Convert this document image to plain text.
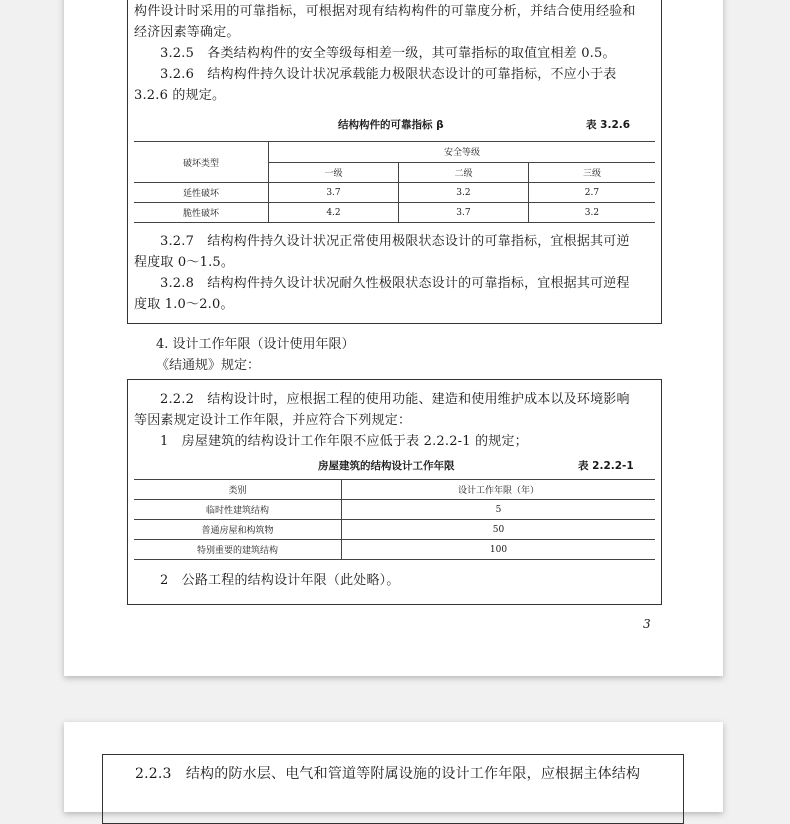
构件设计时采用的可靠指标，可根据对现有结构构件的可靠度分析，并结合使用经验和

经济因素等确定。

3.2.5　各类结构构件的安全等级每相差一级，其可靠指标的取值宜相差 0.5。

3.2.6　结构构件持久设计状况承载能力极限状态设计的可靠指标，不应小于表

3.2.6 的规定。

结构构件的可靠指标 β	表 3.2.6
破坏类型	安全等级		
	一级	二级	三级
延性破坏	3.7	3.2	2.7
脆性破坏	4.2	3.7	3.2

3.2.7　结构构件持久设计状况正常使用极限状态设计的可靠指标，宜根据其可逆

程度取 0～1.5。

3.2.8　结构构件持久设计状况耐久性极限状态设计的可靠指标，宜根据其可逆程

度取 1.0～2.0。

4. 设计工作年限（设计使用年限）
《结通规》规定：

2.2.2　结构设计时，应根据工程的使用功能、建造和使用维护成本以及环境影响

等因素规定设计工作年限，并应符合下列规定：

1　房屋建筑的结构设计工作年限不应低于表 2.2.2-1 的规定；

房屋建筑的结构设计工作年限	表 2.2.2-1
类别	设计工作年限（年）
临时性建筑结构	5
普通房屋和构筑物	50
特别重要的建筑结构	100

2　公路工程的结构设计年限（此处略）。

3

2.2.3　结构的防水层、电气和管道等附属设施的设计工作年限，应根据主体结构
